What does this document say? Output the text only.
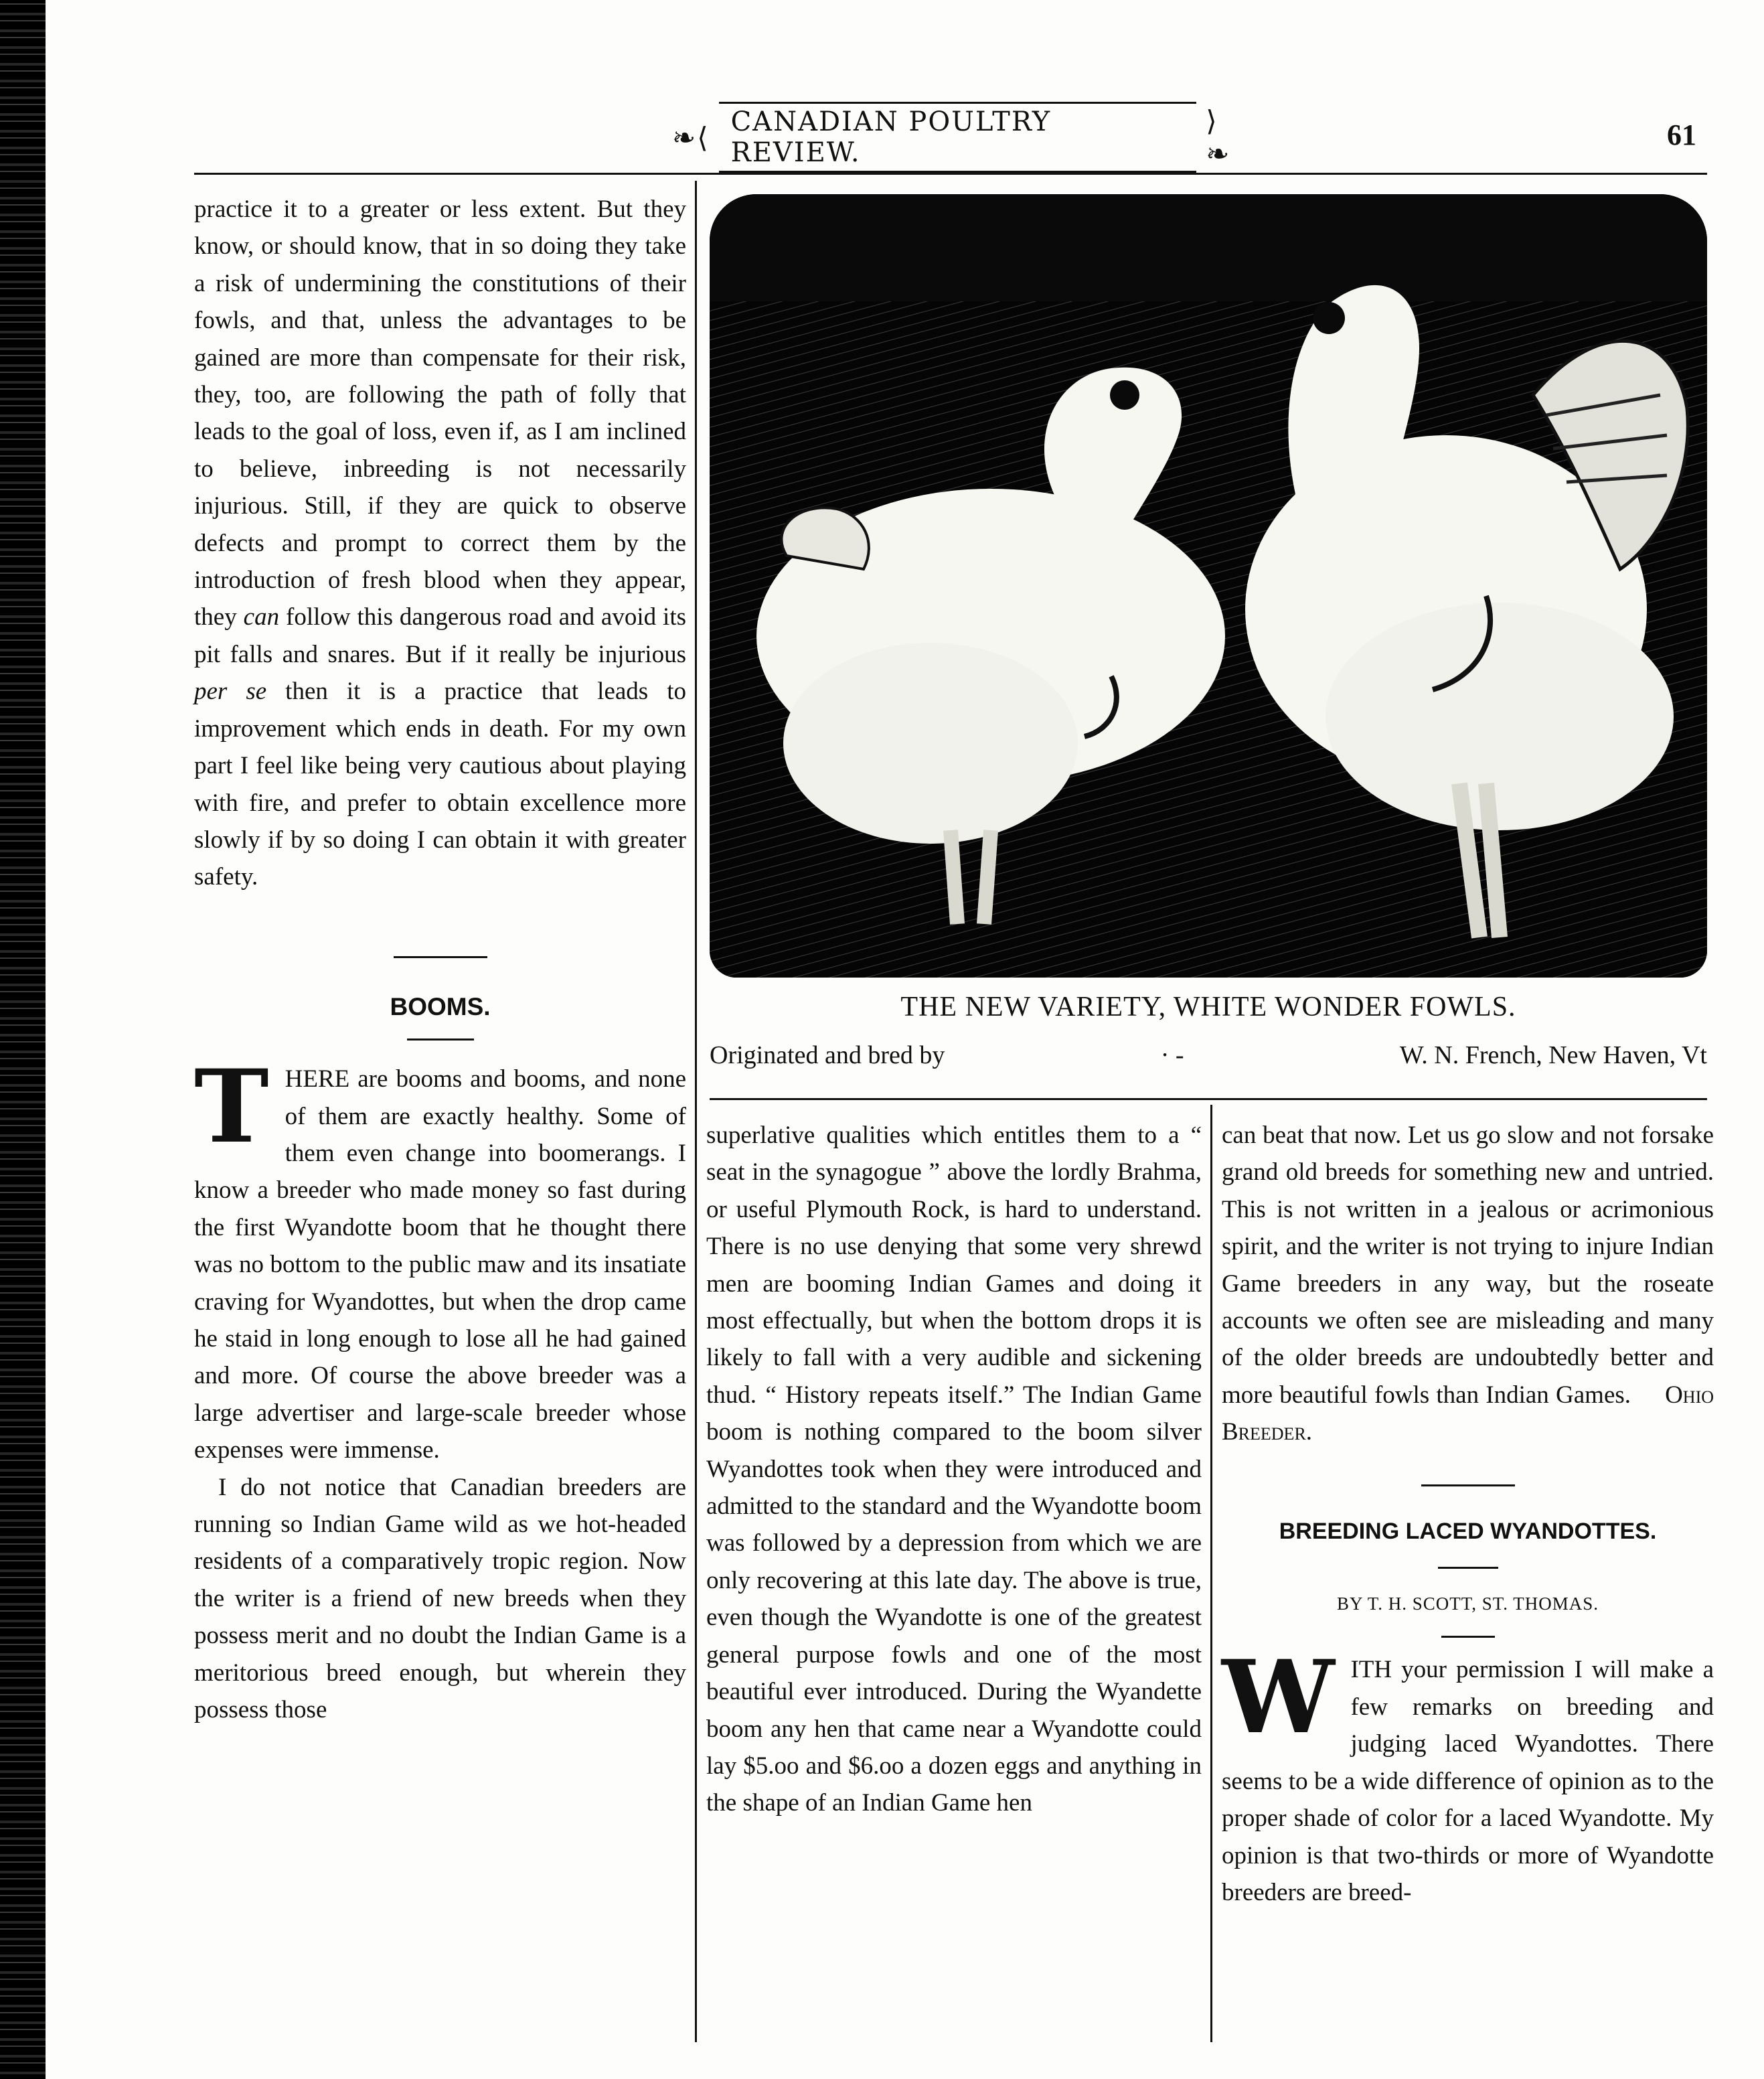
❧⟨ CANADIAN POULTRY REVIEW.
⟩❧
61

practice it to a greater or less extent. But they know, or should know, that in so doing they take a risk of undermining the constitutions of their fowls, and that, unless the advantages to be gained are more than compensate for their risk, they, too, are following the path of folly that leads to the goal of loss, even if, as I am inclined to believe, inbreeding is not necessarily injurious. Still, if they are quick to observe defects and prompt to correct them by the introduction of fresh blood when they appear, they can follow this dangerous road and avoid its pit falls and snares. But if it really be injurious per se then it is a practice that leads to improvement which ends in death. For my own part I feel like being very cautious about playing with fire, and prefer to obtain excellence more slowly if by so doing I can obtain it with greater safety.

BOOMS.

THERE are booms and booms, and none of them are exactly healthy. Some of them even change into boomerangs. I know a breeder who made money so fast during the first Wyandotte boom that he thought there was no bottom to the public maw and its insatiate craving for Wyandottes, but when the drop came he staid in long enough to lose all he had gained and more. Of course the above breeder was a large advertiser and large-scale breeder whose expenses were immense.

I do not notice that Canadian breeders are running so Indian Game wild as we hot-headed residents of a comparatively tropic region. Now the writer is a friend of new breeds when they possess merit and no doubt the Indian Game is a meritorious breed enough, but wherein they possess those

THE NEW VARIETY, WHITE WONDER FOWLS.
Originated and bred by	· -	W. N. French, New Haven, Vt

superlative qualities which entitles them to a “ seat in the synagogue ” above the lordly Brahma, or useful Plymouth Rock, is hard to understand. There is no use denying that some very shrewd men are booming Indian Games and doing it most effectually, but when the bottom drops it is likely to fall with a very audible and sickening thud. “ History repeats itself.” The Indian Game boom is nothing compared to the boom silver Wyandottes took when they were introduced and admitted to the standard and the Wyandotte boom was followed by a depression from which we are only recovering at this late day. The above is true, even though the Wyandotte is one of the greatest general purpose fowls and one of the most beautiful ever introduced. During the Wyandette boom any hen that came near a Wyandotte could lay $5.oo and $6.oo a dozen eggs and anything in the shape of an Indian Game hen

can beat that now. Let us go slow and not forsake grand old breeds for something new and untried. This is not written in a jealous or acrimonious spirit, and the writer is not trying to injure Indian Game breeders in any way, but the roseate accounts we often see are misleading and many of the older breeds are undoubtedly better and more beautiful fowls than Indian Games. Ohio Breeder.

BREEDING LACED WYANDOTTES.

BY T. H. SCOTT, ST. THOMAS.

WITH your permission I will make a few remarks on breeding and judging laced Wyandottes. There seems to be a wide difference of opinion as to the proper shade of color for a laced Wyandotte. My opinion is that two-thirds or more of Wyandotte breeders are breed-
